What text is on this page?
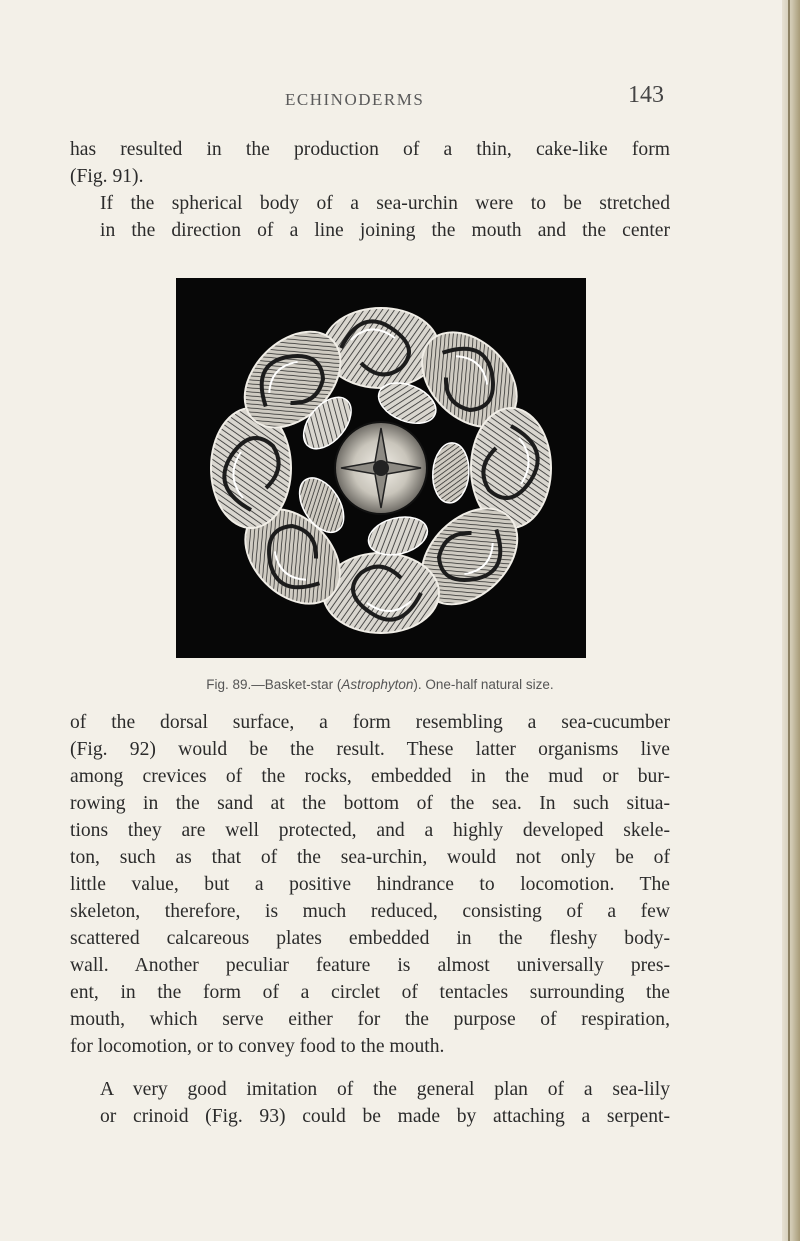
ECHINODERMS	143

has resulted in the production of a thin, cake-like form
(Fig. 91).

If the spherical body of a sea-urchin were to be stretched
in the direction of a line joining the mouth and the center

Fig. 89.—Basket-star (Astrophyton). One-half natural size.

of the dorsal surface, a form resembling a sea-cucumber
(Fig. 92) would be the result. These latter organisms live
among crevices of the rocks, embedded in the mud or bur-
rowing in the sand at the bottom of the sea. In such situa-
tions they are well protected, and a highly developed skele-
ton, such as that of the sea-urchin, would not only be of
little value, but a positive hindrance to locomotion. The
skeleton, therefore, is much reduced, consisting of a few
scattered calcareous plates embedded in the fleshy body-
wall. Another peculiar feature is almost universally pres-
ent, in the form of a circlet of tentacles surrounding the
mouth, which serve either for the purpose of respiration,
for locomotion, or to convey food to the mouth.

A very good imitation of the general plan of a sea-lily
or crinoid (Fig. 93) could be made by attaching a serpent-
